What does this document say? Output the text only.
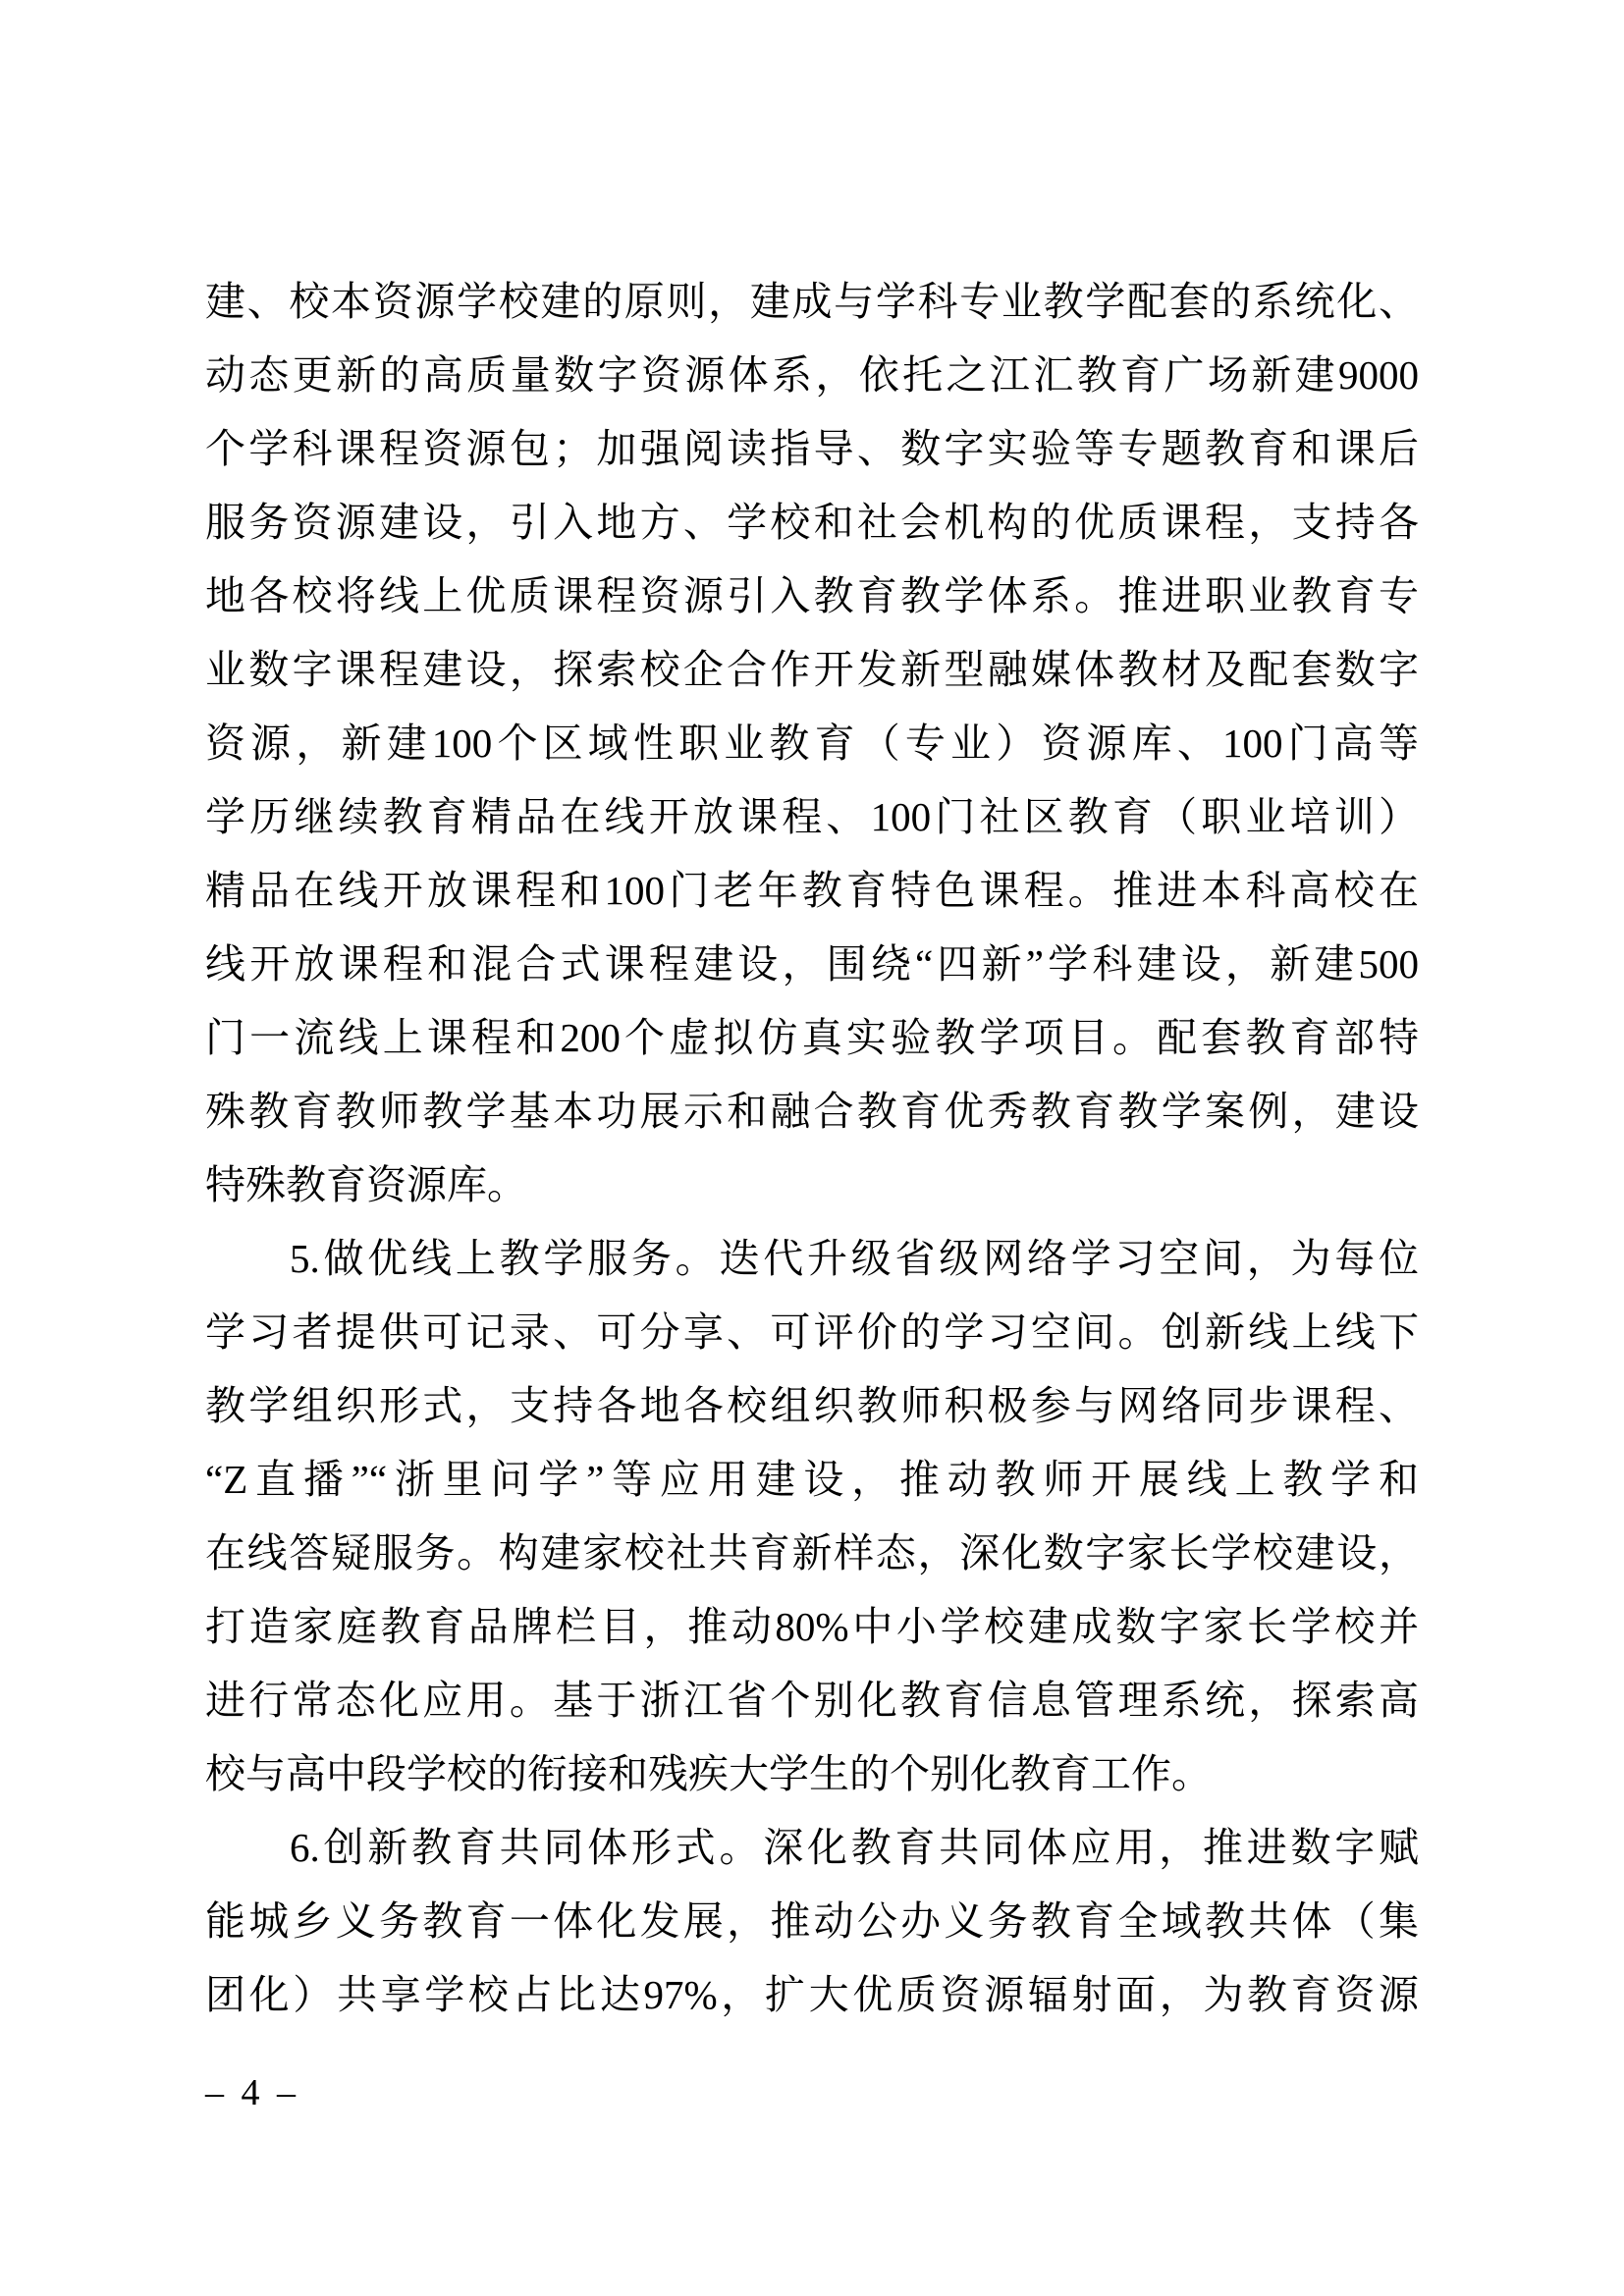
建、校本资源学校建的原则，建成与学科专业教学配套的系统化、

动态更新的高质量数字资源体系，依托之江汇教育广场新建9000

个学科课程资源包；加强阅读指导、数字实验等专题教育和课后

服务资源建设，引入地方、学校和社会机构的优质课程，支持各

地各校将线上优质课程资源引入教育教学体系。推进职业教育专

业数字课程建设，探索校企合作开发新型融媒体教材及配套数字

资源，新建100个区域性职业教育（专业）资源库、100门高等

学历继续教育精品在线开放课程、100门社区教育（职业培训）

精品在线开放课程和100门老年教育特色课程。推进本科高校在

线开放课程和混合式课程建设，围绕“四新”学科建设，新建500

门一流线上课程和200个虚拟仿真实验教学项目。配套教育部特

殊教育教师教学基本功展示和融合教育优秀教育教学案例，建设

特殊教育资源库。

5.做优线上教学服务。迭代升级省级网络学习空间，为每位

学习者提供可记录、可分享、可评价的学习空间。创新线上线下

教学组织形式，支持各地各校组织教师积极参与网络同步课程、

“Z直播”“浙里问学”等应用建设，推动教师开展线上教学和

在线答疑服务。构建家校社共育新样态，深化数字家长学校建设，

打造家庭教育品牌栏目，推动80%中小学校建成数字家长学校并

进行常态化应用。基于浙江省个别化教育信息管理系统，探索高

校与高中段学校的衔接和残疾大学生的个别化教育工作。

6.创新教育共同体形式。深化教育共同体应用，推进数字赋

能城乡义务教育一体化发展，推动公办义务教育全域教共体（集

团化）共享学校占比达97%，扩大优质资源辐射面，为教育资源

– 4 –
